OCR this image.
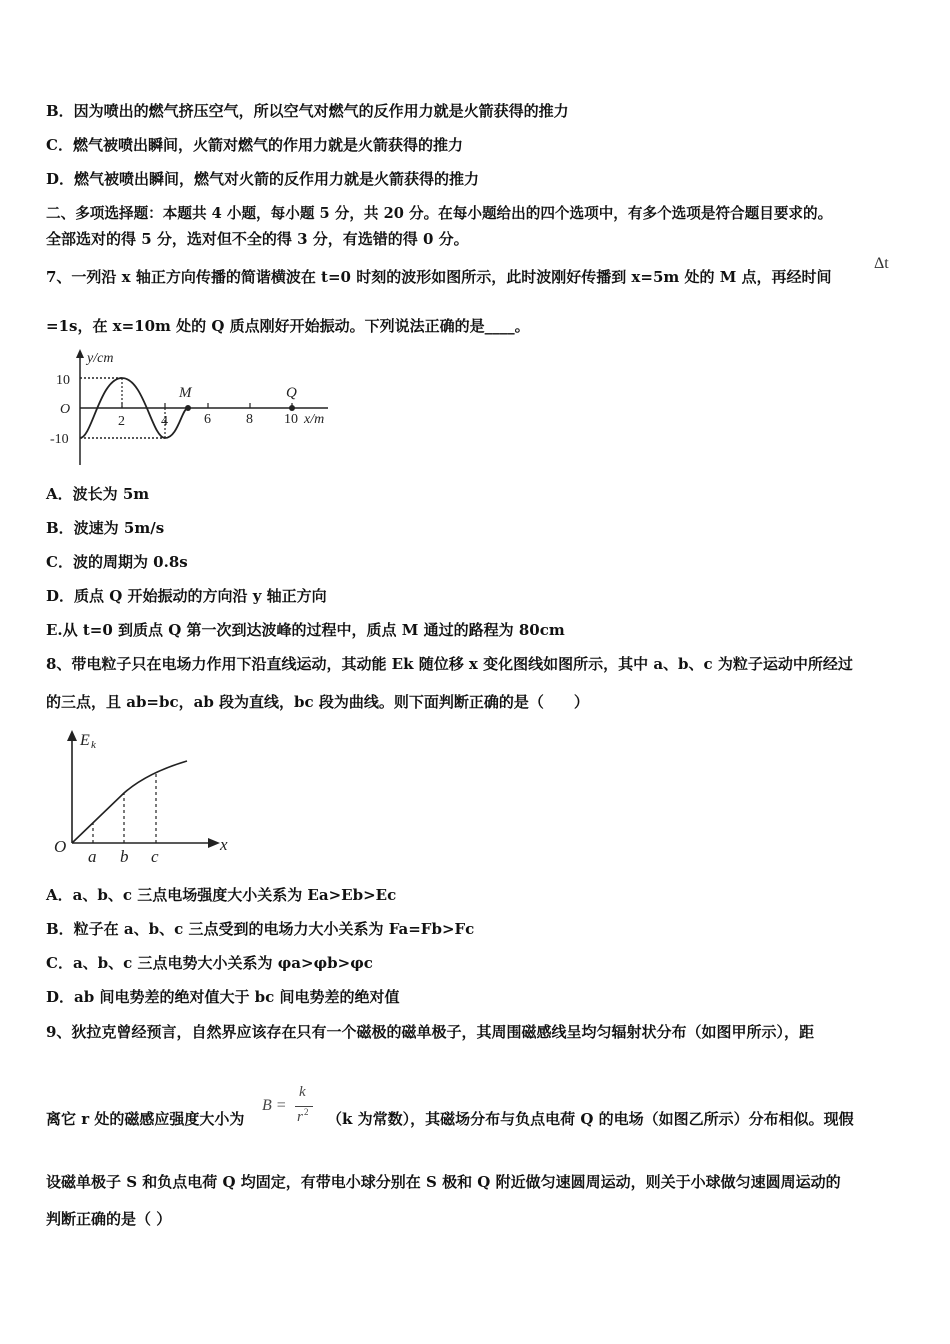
B．因为喷出的燃气挤压空气，所以空气对燃气的反作用力就是火箭获得的推力
C．燃气被喷出瞬间，火箭对燃气的作用力就是火箭获得的推力
D．燃气被喷出瞬间，燃气对火箭的反作用力就是火箭获得的推力
二、多项选择题：本题共 4 小题，每小题 5 分，共 20 分。在每小题给出的四个选项中，有多个选项是符合题目要求的。
全部选对的得 5 分，选对但不全的得 3 分，有选错的得 0 分。
7、一列沿 x 轴正方向传播的简谐横波在 t=0 时刻的波形如图所示，此时波刚好传播到 x=5m 处的 M 点，再经时间
Δt
=1s，在 x=10m 处的 Q 质点刚好开始振动。下列说法正确的是____。
y/cm
10
O
-10
2	4	6	8 10 x/m
M	Q
A．波长为 5m
B．波速为 5m/s
C．波的周期为 0.8s
D．质点 Q 开始振动的方向沿 y 轴正方向
E.从 t=0 到质点 Q 第一次到达波峰的过程中，质点 M 通过的路程为 80cm
8、带电粒子只在电场力作用下沿直线运动，其动能 Ek 随位移 x 变化图线如图所示，其中 a、b、c 为粒子运动中所经过
的三点，且 ab=bc，ab 段为直线，bc 段为曲线。则下面判断正确的是（　　）
E k
O
a b c
x
A．a、b、c 三点电场强度大小关系为 Ea>Eb>Ec
B．粒子在 a、b、c 三点受到的电场力大小关系为 Fa=Fb>Fc
C．a、b、c 三点电势大小关系为 φa>φb>φc
D．ab 间电势差的绝对值大于 bc 间电势差的绝对值
9、狄拉克曾经预言，自然界应该存在只有一个磁极的磁单极子，其周围磁感线呈均匀辐射状分布（如图甲所示），距
离它 r 处的磁感应强度大小为
B =
k
r 2 （k 为常数），其磁场分布与负点电荷 Q 的电场（如图乙所示）分布相似。现假
设磁单极子 S 和负点电荷 Q 均固定，有带电小球分别在 S 极和 Q 附近做匀速圆周运动，则关于小球做匀速圆周运动的
判断正确的是（ ）
